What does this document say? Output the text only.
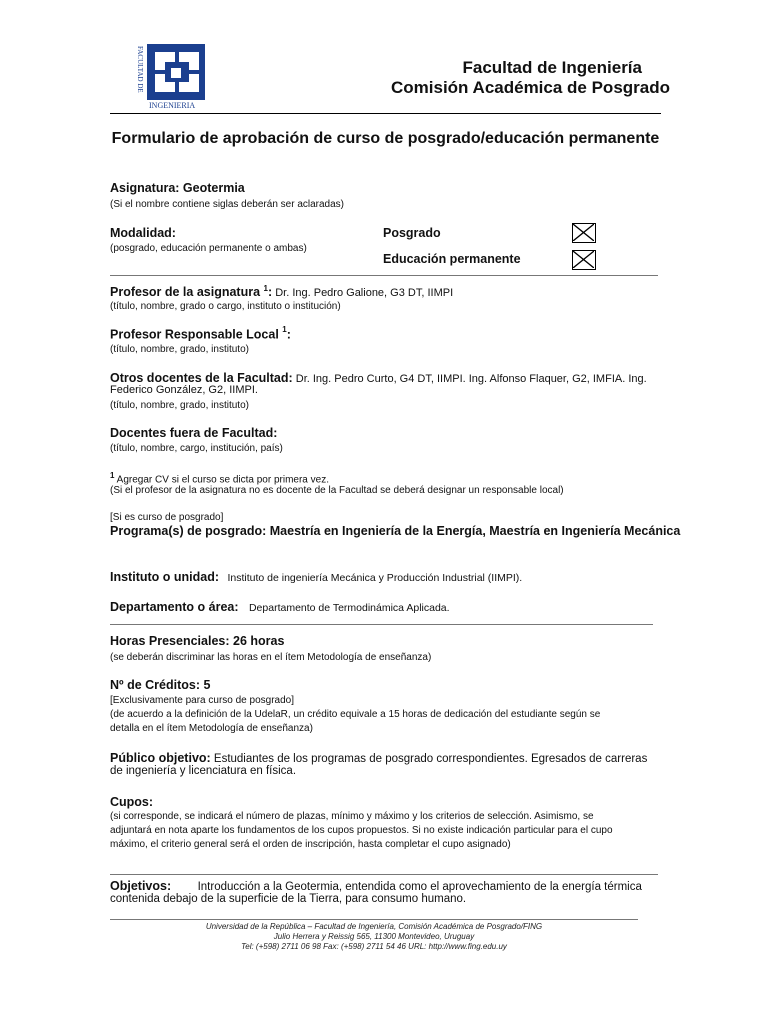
FACULTAD DE
INGENIERIA
Facultad de Ingeniería
Comisión Académica de Posgrado
Formulario de aprobación de curso de posgrado/educación permanente
Asignatura: Geotermia
(Si el nombre contiene siglas deberán ser aclaradas)
Modalidad:
(posgrado, educación permanente o ambas)
Posgrado
Educación permanente
Profesor de la asignatura $^1$: Dr. Ing. Pedro Galione, G3 DT, IIMPI
(título, nombre, grado o cargo, instituto o institución)
Profesor Responsable Local $^1$:
(título, nombre, grado, instituto)
Otros docentes de la Facultad: Dr. Ing. Pedro Curto, G4 DT, IIMPI. Ing. Alfonso Flaquer, G2, IMFIA. Ing.
Federico González, G2, IIMPI.
(título, nombre, grado, instituto)
Docentes fuera de Facultad:
(título, nombre, cargo, institución, país)
$^1$ Agregar CV si el curso se dicta por primera vez.
(Si el profesor de la asignatura no es docente de la Facultad se deberá designar un responsable local)
[Si es curso de posgrado]
Programa(s) de posgrado: Maestría en Ingeniería de la Energía, Maestría en Ingeniería Mecánica
Instituto o unidad: Instituto de ingeniería Mecánica y Producción Industrial (IIMPI).
Departamento o área: Departamento de Termodinámica Aplicada.
Horas Presenciales: 26 horas
(se deberán discriminar las horas en el ítem Metodología de enseñanza)
Nº de Créditos: 5
[Exclusivamente para curso de posgrado]
(de acuerdo a la definición de la UdelaR, un crédito equivale a 15 horas de dedicación del estudiante según se
detalla en el ítem Metodología de enseñanza)
Público objetivo: Estudiantes de los programas de posgrado correspondientes. Egresados de carreras
de ingeniería y licenciatura en física.
Cupos:
(si corresponde, se indicará el número de plazas, mínimo y máximo y los criterios de selección. Asimismo, se
adjuntará en nota aparte los fundamentos de los cupos propuestos. Si no existe indicación particular para el cupo
máximo, el criterio general será el orden de inscripción, hasta completar el cupo asignado)
Objetivos: Introducción a la Geotermia, entendida como el aprovechamiento de la energía térmica
contenida debajo de la superficie de la Tierra, para consumo humano.
Universidad de la República – Facultad de Ingeniería, Comisión Académica de Posgrado/FING
Julio Herrera y Reissig 565, 11300 Montevideo, Uruguay
Tel: (+598) 2711 06 98 Fax: (+598) 2711 54 46 URL: http://www.fing.edu.uy
